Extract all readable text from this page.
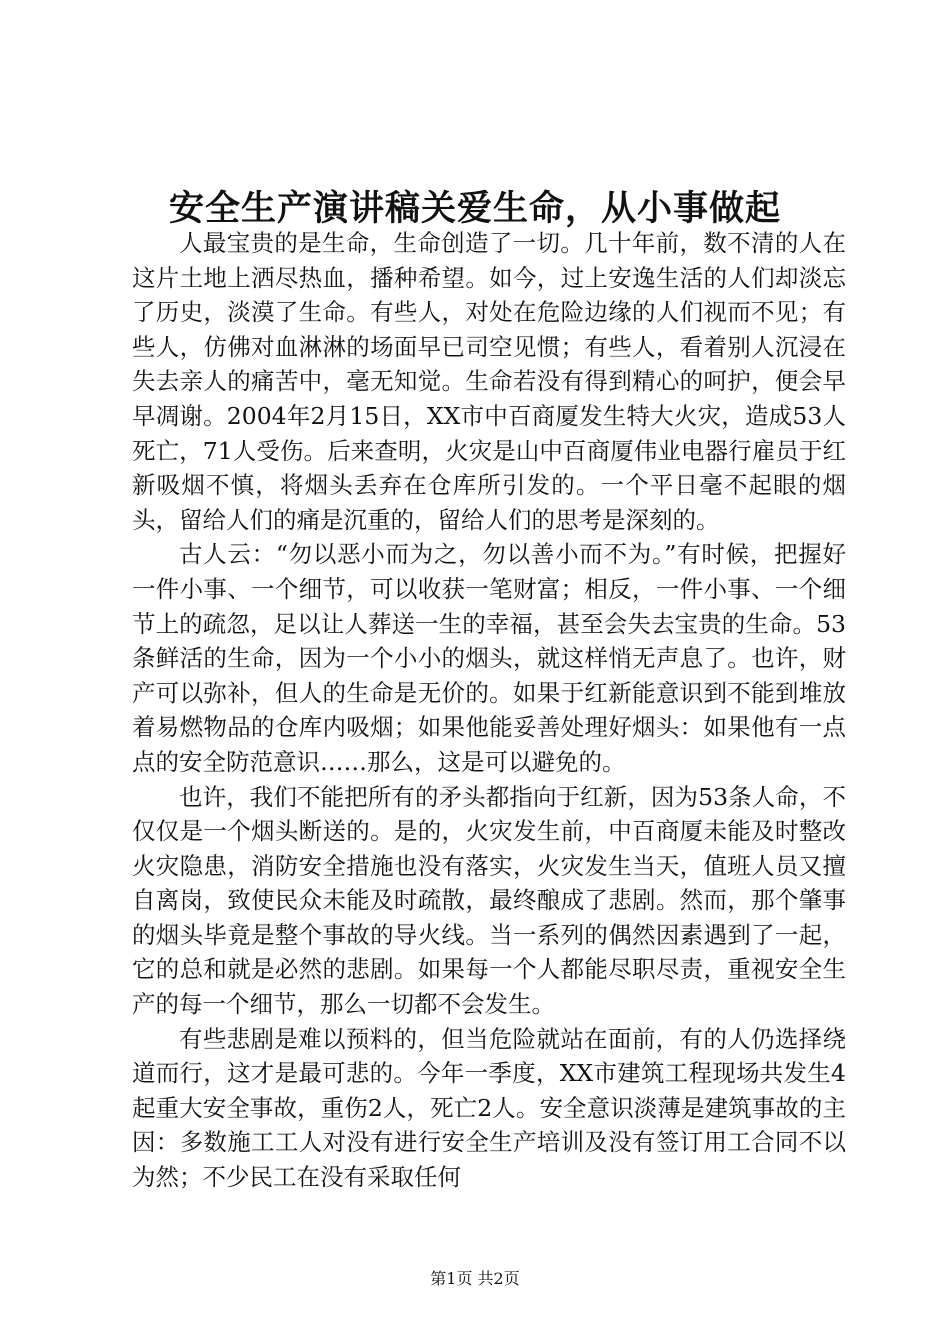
安全生产演讲稿关爱生命，从小事做起

人最宝贵的是生命，生命创造了一切。几十年前，数不清的人在这片土地上洒尽热血，播种希望。如今，过上安逸生活的人们却淡忘了历史，淡漠了生命。有些人，对处在危险边缘的人们视而不见；有些人，仿佛对血淋淋的场面早已司空见惯；有些人，看着别人沉浸在失去亲人的痛苦中，毫无知觉。生命若没有得到精心的呵护，便会早早凋谢。2004年2月15日，XX市中百商厦发生特大火灾，造成53人死亡，71人受伤。后来查明，火灾是山中百商厦伟业电器行雇员于红新吸烟不慎，将烟头丢弃在仓库所引发的。一个平日毫不起眼的烟头，留给人们的痛是沉重的，留给人们的思考是深刻的。

古人云：“勿以恶小而为之，勿以善小而不为。”有时候，把握好一件小事、一个细节，可以收获一笔财富；相反，一件小事、一个细节上的疏忽，足以让人葬送一生的幸福，甚至会失去宝贵的生命。53条鲜活的生命，因为一个小小的烟头，就这样悄无声息了。也许，财产可以弥补，但人的生命是无价的。如果于红新能意识到不能到堆放着易燃物品的仓库内吸烟；如果他能妥善处理好烟头：如果他有一点点的安全防范意识……那么，这是可以避免的。

也许，我们不能把所有的矛头都指向于红新，因为53条人命，不仅仅是一个烟头断送的。是的，火灾发生前，中百商厦未能及时整改火灾隐患，消防安全措施也没有落实，火灾发生当天，值班人员又擅自离岗，致使民众未能及时疏散，最终酿成了悲剧。然而，那个肇事的烟头毕竟是整个事故的导火线。当一系列的偶然因素遇到了一起，它的总和就是必然的悲剧。如果每一个人都能尽职尽责，重视安全生产的每一个细节，那么一切都不会发生。

有些悲剧是难以预料的，但当危险就站在面前，有的人仍选择绕道而行，这才是最可悲的。今年一季度，XX市建筑工程现场共发生4起重大安全事故，重伤2人，死亡2人。安全意识淡薄是建筑事故的主因：多数施工工人对没有进行安全生产培训及没有签订用工合同不以为然；不少民工在没有采取任何

第1页 共2页
